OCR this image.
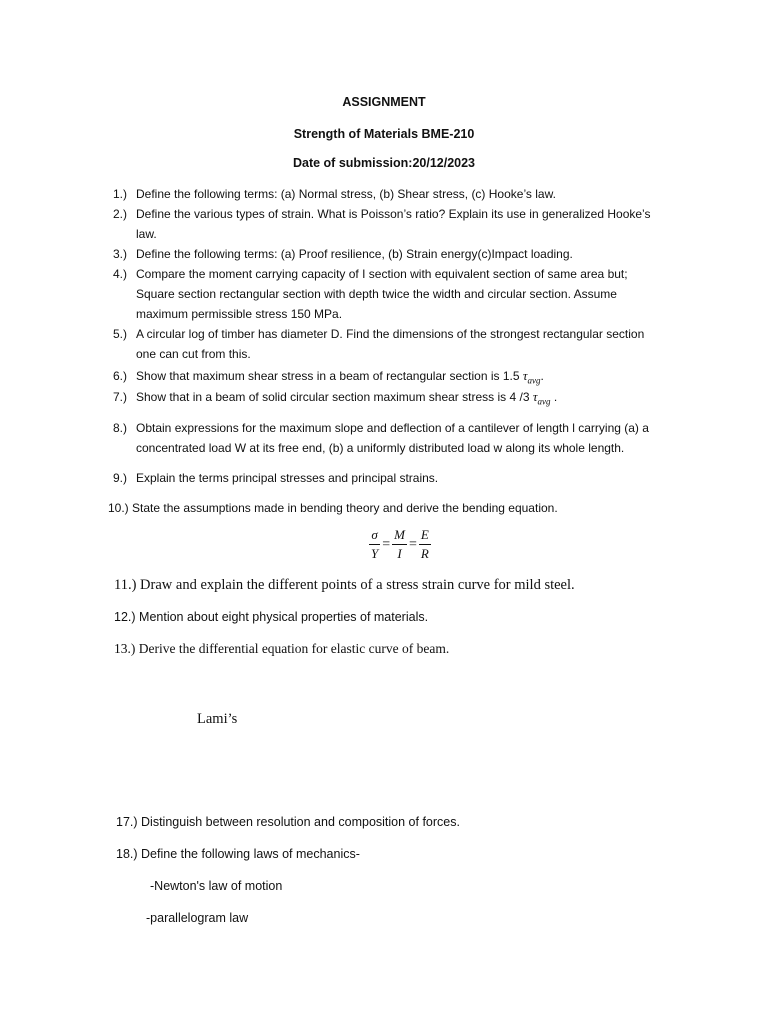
ASSIGNMENT
Strength of Materials BME-210
Date of submission:20/12/2023
1.) Define the following terms: (a) Normal stress, (b) Shear stress, (c) Hooke’s law.
2.) Define the various types of strain. What is Poisson’s ratio? Explain its use in generalized Hooke’s
law.
3.) Define the following terms: (a) Proof resilience, (b) Strain energy(c)Impact loading.
4.) Compare the moment carrying capacity of I section with equivalent section of same area but;
Square section rectangular section with depth twice the width and circular section. Assume
maximum permissible stress 150 MPa.
5.) A circular log of timber has diameter D. Find the dimensions of the strongest rectangular section
one can cut from this.
6.) Show that maximum shear stress in a beam of rectangular section is 1.5 $\tau_{avg}$.
7.) Show that in a beam of solid circular section maximum shear stress is 4 /3 $\tau_{avg}$ .
8.) Obtain expressions for the maximum slope and deflection of a cantilever of length l carrying (a) a
concentrated load W at its free end, (b) a uniformly distributed load w along its whole length.
9.) Explain the terms principal stresses and principal strains.
10.) State the assumptions made in bending theory and derive the bending equation.
$\frac{\sigma}{Y} = \frac{M}{I} = \frac{E}{R}$
11.) Draw and explain the different points of a stress strain curve for mild steel.
12.) Mention about eight physical properties of materials.
13.) Derive the differential equation for elastic curve of beam.
Lami’s
17.) Distinguish between resolution and composition of forces.
18.) Define the following laws of mechanics-
-Newton's law of motion
-parallelogram law
